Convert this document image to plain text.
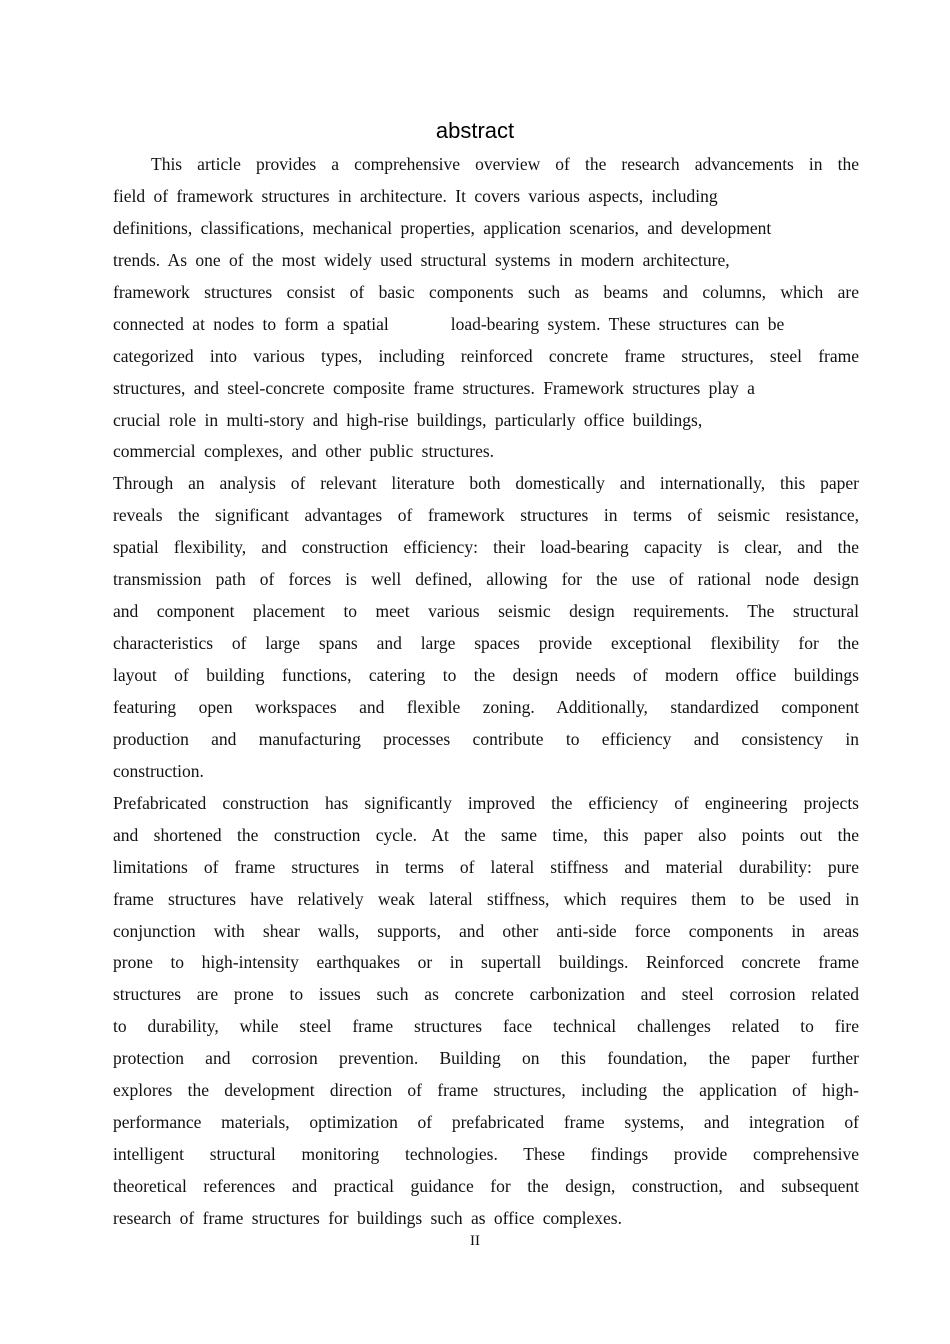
abstract
This article provides a comprehensive overview of the research advancements in the
field of framework structures in architecture. It covers various aspects, including
definitions, classifications, mechanical properties, application scenarios, and development
trends. As one of the most widely used structural systems in modern architecture,
framework structures consist of basic components such as beams and columns, which are
connected at nodes to form a spatial	load-bearing system. These structures can be
categorized into various types, including reinforced concrete frame structures, steel frame
structures, and steel-concrete composite frame structures. Framework structures play a
crucial role in multi-story and high-rise buildings, particularly office buildings,
commercial complexes, and other public structures.
Through an analysis of relevant literature both domestically and internationally, this paper
reveals the significant advantages of framework structures in terms of seismic resistance,
spatial flexibility, and construction efficiency: their load-bearing capacity is clear, and the
transmission path of forces is well defined, allowing for the use of rational node design
and component placement to meet various seismic design requirements. The structural
characteristics of large spans and large spaces provide exceptional flexibility for the
layout of building functions, catering to the design needs of modern office buildings
featuring open workspaces and flexible zoning. Additionally, standardized component
production and manufacturing processes contribute to efficiency and consistency in
construction.
Prefabricated construction has significantly improved the efficiency of engineering projects
and shortened the construction cycle. At the same time, this paper also points out the
limitations of frame structures in terms of lateral stiffness and material durability: pure
frame structures have relatively weak lateral stiffness, which requires them to be used in
conjunction with shear walls, supports, and other anti-side force components in areas
prone to high-intensity earthquakes or in supertall buildings. Reinforced concrete frame
structures are prone to issues such as concrete carbonization and steel corrosion related
to durability, while steel frame structures face technical challenges related to fire
protection and corrosion prevention. Building on this foundation, the paper further
explores the development direction of frame structures, including the application of high-
performance materials, optimization of prefabricated frame systems, and integration of
intelligent structural monitoring technologies. These findings provide comprehensive
theoretical references and practical guidance for the design, construction, and subsequent
research of frame structures for buildings such as office complexes.
II
